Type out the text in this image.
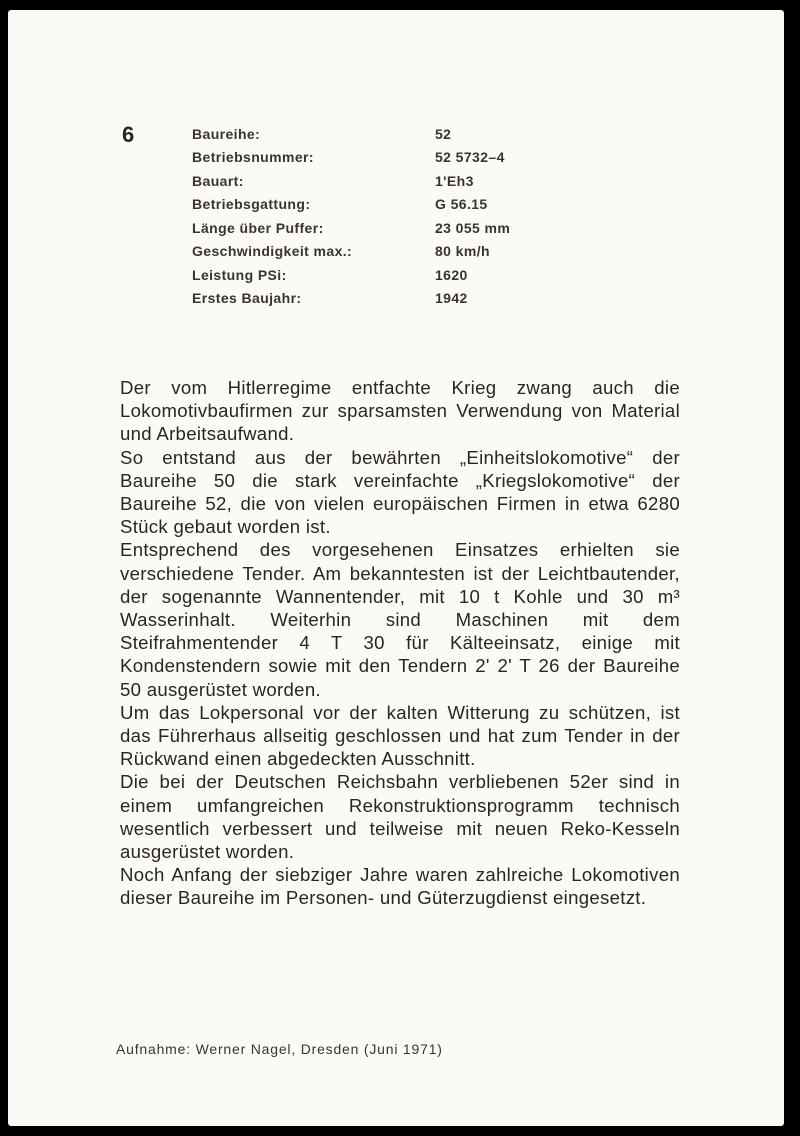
6	Baureihe:	52
Betriebsnummer:	52 5732–4
Bauart:	1'Eh3
Betriebsgattung:	G 56.15
Länge über Puffer:	23 055 mm
Geschwindigkeit max.:	80 km/h
Leistung PSi:	1620
Erstes Baujahr:	1942

Der vom Hitlerregime entfachte Krieg zwang auch die Lokomotivbaufirmen zur sparsamsten Verwendung von Material und Arbeitsaufwand.

So entstand aus der bewährten „Einheitslokomotive“ der Baureihe 50 die stark vereinfachte „Kriegslokomotive“ der Baureihe 52, die von vielen europäischen Firmen in etwa 6280 Stück gebaut worden ist.

Entsprechend des vorgesehenen Einsatzes erhielten sie verschiedene Tender. Am bekanntesten ist der Leichtbautender, der sogenannte Wannentender, mit 10 t Kohle und 30 m³ Wasserinhalt. Weiterhin sind Maschinen mit dem Steifrahmentender 4 T 30 für Kälteeinsatz, einige mit Kondenstendern sowie mit den Tendern 2' 2' T 26 der Baureihe 50 ausgerüstet worden.

Um das Lokpersonal vor der kalten Witterung zu schützen, ist das Führerhaus allseitig geschlossen und hat zum Tender in der Rückwand einen abgedeckten Ausschnitt.

Die bei der Deutschen Reichsbahn verbliebenen 52er sind in einem umfangreichen Rekonstruktionsprogramm technisch wesentlich verbessert und teilweise mit neuen Reko-Kesseln ausgerüstet worden.

Noch Anfang der siebziger Jahre waren zahlreiche Lokomotiven dieser Baureihe im Personen- und Güterzugdienst eingesetzt.

Aufnahme: Werner Nagel, Dresden (Juni 1971)
